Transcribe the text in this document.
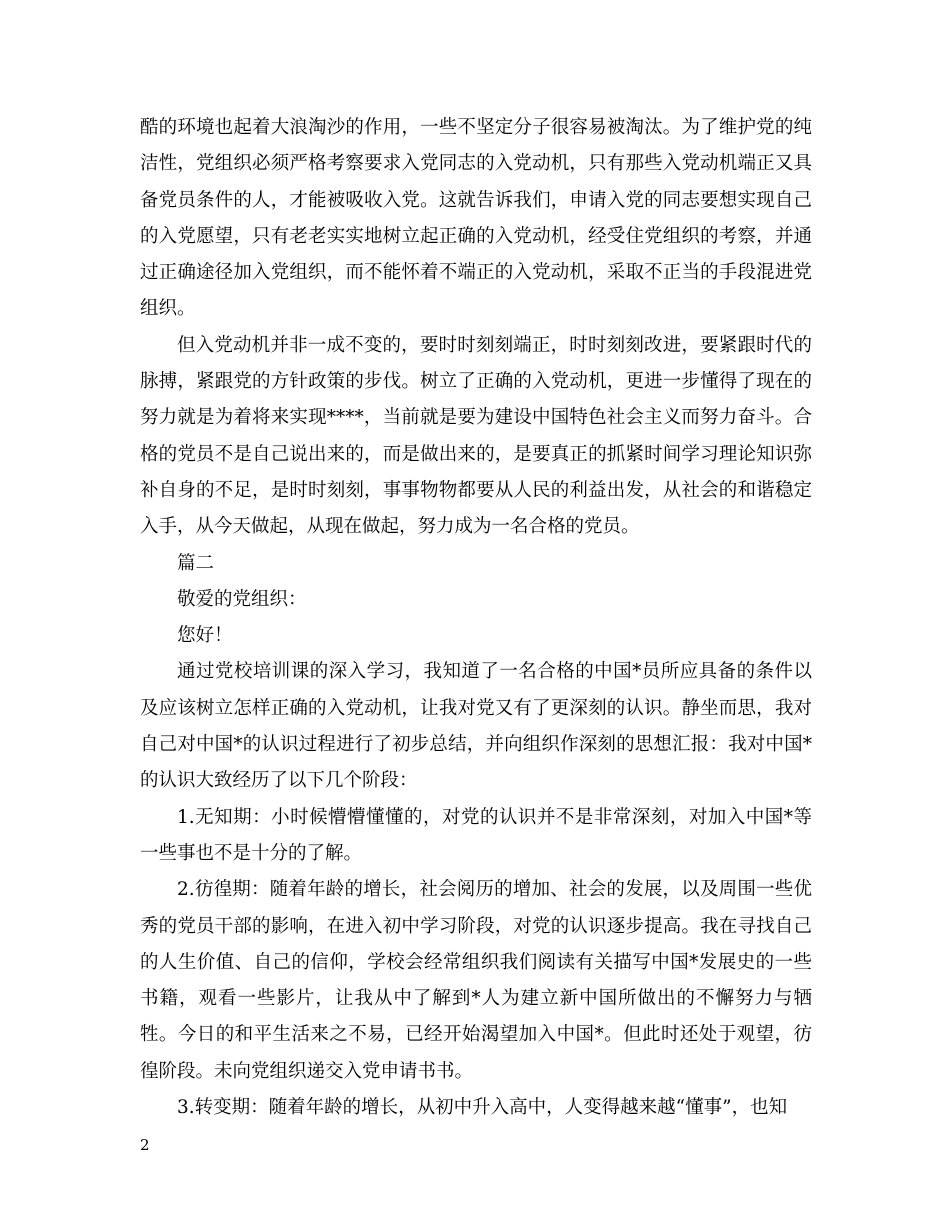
酷的环境也起着大浪淘沙的作用，一些不坚定分子很容易被淘汰。为了维护党的纯洁性，党组织必须严格考察要求入党同志的入党动机，只有那些入党动机端正又具备党员条件的人，才能被吸收入党。这就告诉我们，申请入党的同志要想实现自己的入党愿望，只有老老实实地树立起正确的入党动机，经受住党组织的考察，并通过正确途径加入党组织，而不能怀着不端正的入党动机，采取不正当的手段混进党组织。

但入党动机并非一成不变的，要时时刻刻端正，时时刻刻改进，要紧跟时代的脉搏，紧跟党的方针政策的步伐。树立了正确的入党动机，更进一步懂得了现在的努力就是为着将来实现****，当前就是要为建设中国特色社会主义而努力奋斗。合格的党员不是自己说出来的，而是做出来的，是要真正的抓紧时间学习理论知识弥补自身的不足，是时时刻刻，事事物物都要从人民的利益出发，从社会的和谐稳定入手，从今天做起，从现在做起，努力成为一名合格的党员。

篇二

敬爱的党组织：

您好！

通过党校培训课的深入学习，我知道了一名合格的中国*员所应具备的条件以及应该树立怎样正确的入党动机，让我对党又有了更深刻的认识。静坐而思，我对自己对中国*的认识过程进行了初步总结，并向组织作深刻的思想汇报：我对中国*的认识大致经历了以下几个阶段：

1.无知期：小时候懵懵懂懂的，对党的认识并不是非常深刻，对加入中国*等一些事也不是十分的了解。

2.彷徨期：随着年龄的增长，社会阅历的增加、社会的发展，以及周围一些优秀的党员干部的影响，在进入初中学习阶段，对党的认识逐步提高。我在寻找自己的人生价值、自己的信仰，学校会经常组织我们阅读有关描写中国*发展史的一些书籍，观看一些影片，让我从中了解到*人为建立新中国所做出的不懈努力与牺牲。今日的和平生活来之不易，已经开始渴望加入中国*。但此时还处于观望，彷徨阶段。未向党组织递交入党申请书书。

3.转变期：随着年龄的增长，从初中升入高中，人变得越来越“懂事”，也知

2
